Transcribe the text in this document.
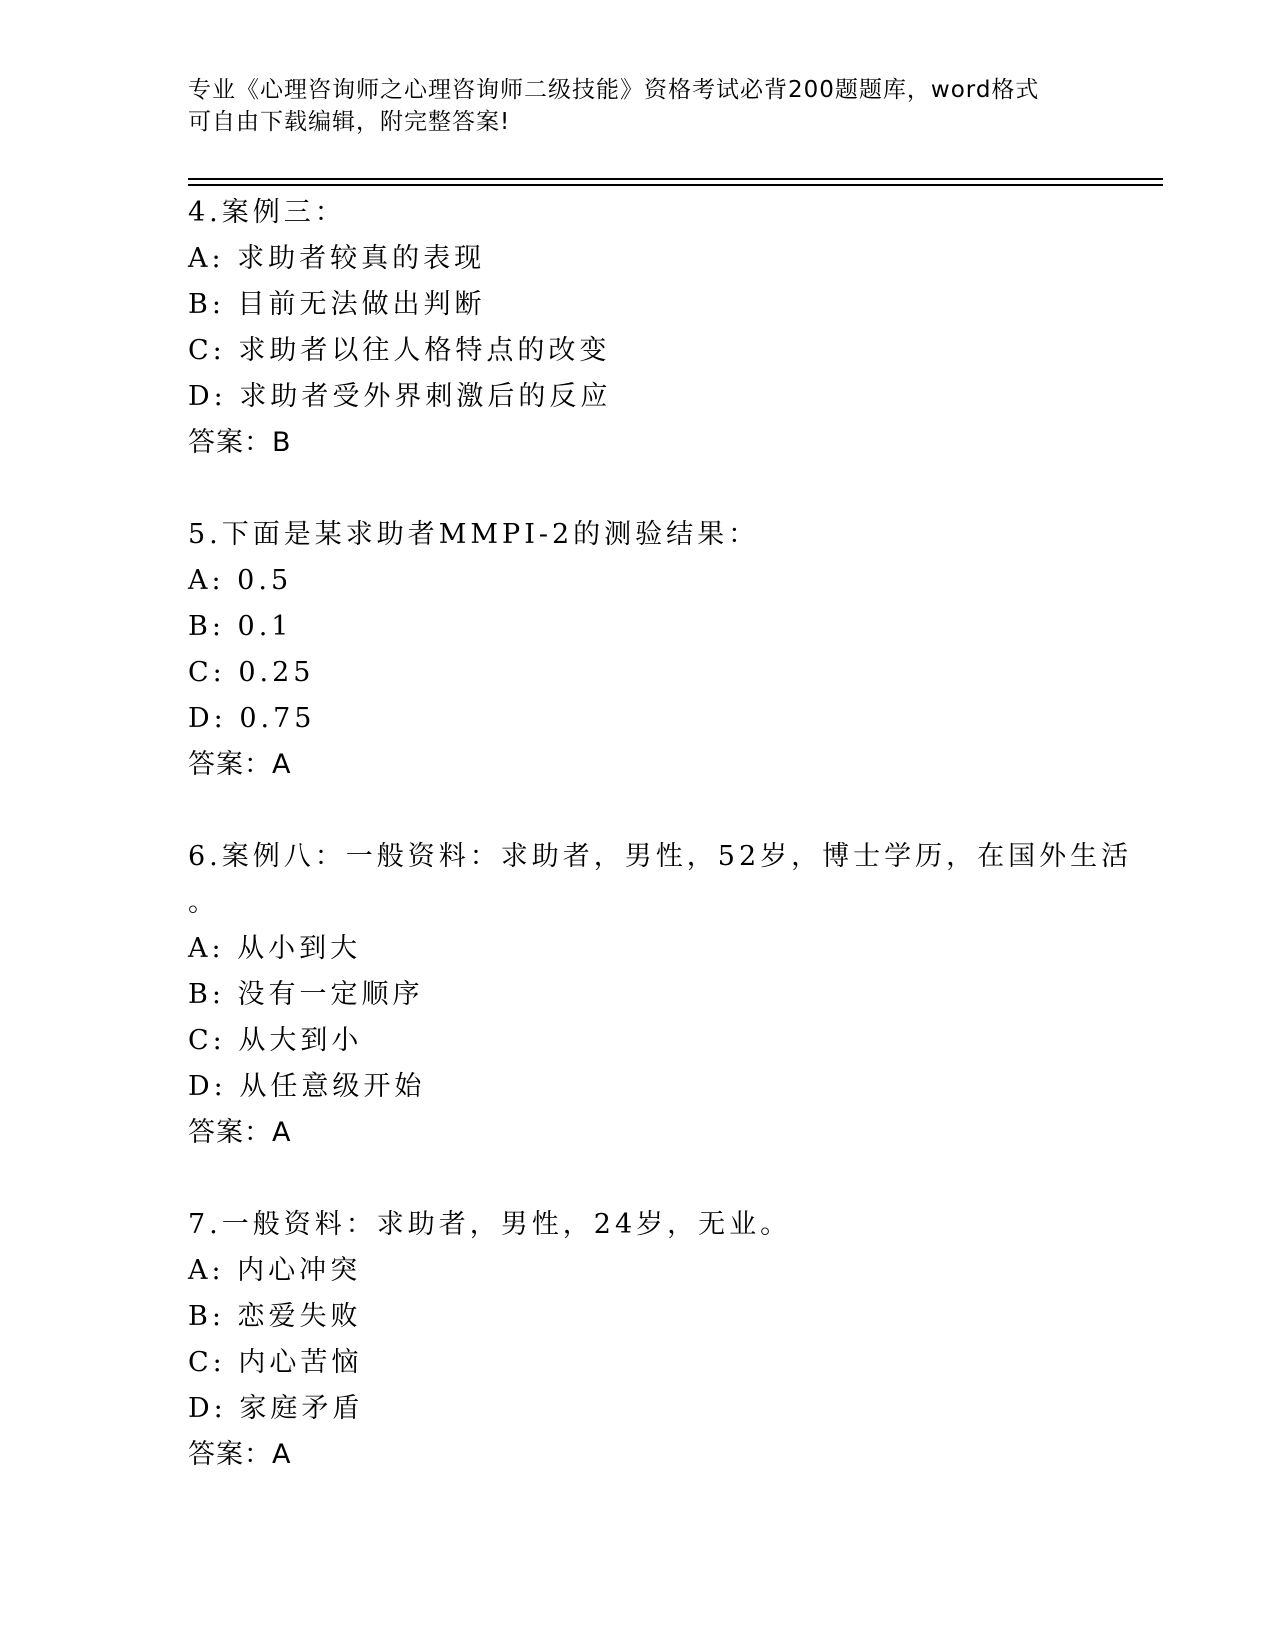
专业《心理咨询师之心理咨询师二级技能》资格考试必背200题题库，word格式
可自由下载编辑，附完整答案!
4.案例三：
A: 求助者较真的表现
B: 目前无法做出判断
C: 求助者以往人格特点的改变
D: 求助者受外界刺激后的反应
答案：B
5.下面是某求助者MMPI-2的测验结果：
A: 0.5
B: 0.1
C: 0.25
D: 0.75
答案：A
6.案例八：一般资料：求助者，男性，52岁，博士学历，在国外生活
。
A: 从小到大
B: 没有一定顺序
C: 从大到小
D: 从任意级开始
答案：A
7.一般资料：求助者，男性，24岁，无业。
A: 内心冲突
B: 恋爱失败
C: 内心苦恼
D: 家庭矛盾
答案：A
